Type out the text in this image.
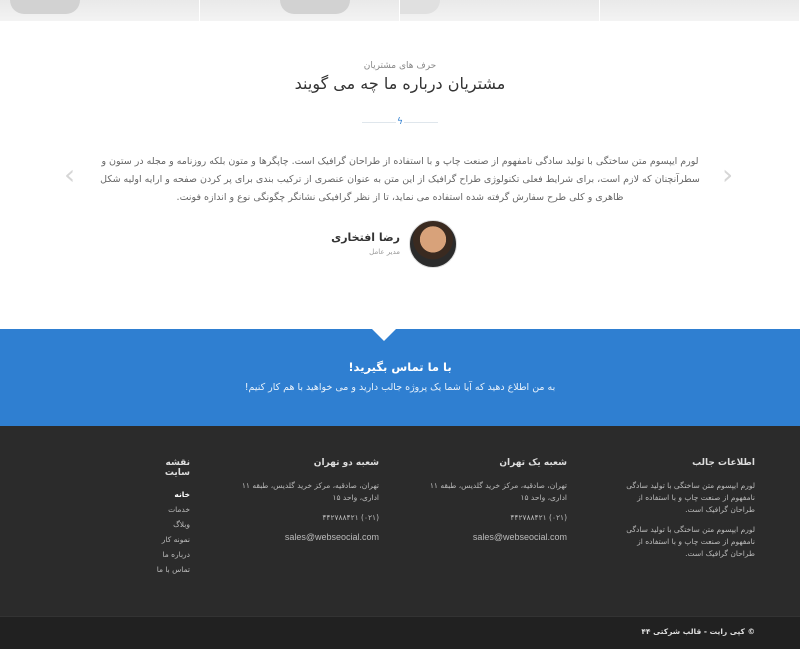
حرف های مشتریان
مشتریان درباره ما چه می گویند
ϟ
‹	›
لورم ایپسوم متن ساختگی با تولید سادگی نامفهوم از صنعت چاپ و با استفاده از طراحان گرافیک است. چاپگرها و متون بلکه روزنامه و مجله در ستون و سطرآنچنان که لازم است، برای شرایط فعلی تکنولوژی طراح گرافیک از این متن به عنوان عنصری از ترکیب بندی برای پر کردن صفحه و ارایه اولیه شکل ظاهری و کلی طرح سفارش گرفته شده استفاده می نماید، تا از نظر گرافیکی نشانگر چگونگی نوع و اندازه فونت.
رضا افتخاری
مدیر عامل
با ما تماس بگیرید!
به من اطلاع دهید که آیا شما یک پروژه جالب دارید و می خواهید با هم کار کنیم!
اطلاعات جالب

لورم ایپسوم متن ساختگی با تولید سادگی نامفهوم از صنعت چاپ و با استفاده از طراحان گرافیک است.

لورم ایپسوم متن ساختگی با تولید سادگی نامفهوم از صنعت چاپ و با استفاده از طراحان گرافیک است.

شعبه یک تهران

تهران، صادقیه، مرکز خرید گلدیس، طبقه ۱۱ اداری، واحد ۱۵

(۰۲۱) ۴۴۲۷۸۸۴۲۱

sales@webseocial.com
شعبه دو تهران

تهران، صادقیه، مرکز خرید گلدیس، طبقه ۱۱ اداری، واحد ۱۵

(۰۲۱) ۴۴۲۷۸۸۴۲۱

sales@webseocial.com
نقشه سایت
خانه
خدمات
وبلاگ
نمونه کار
درباره ما
تماس با ما
© کپی رایت - قالب شرکتی ۴۴
